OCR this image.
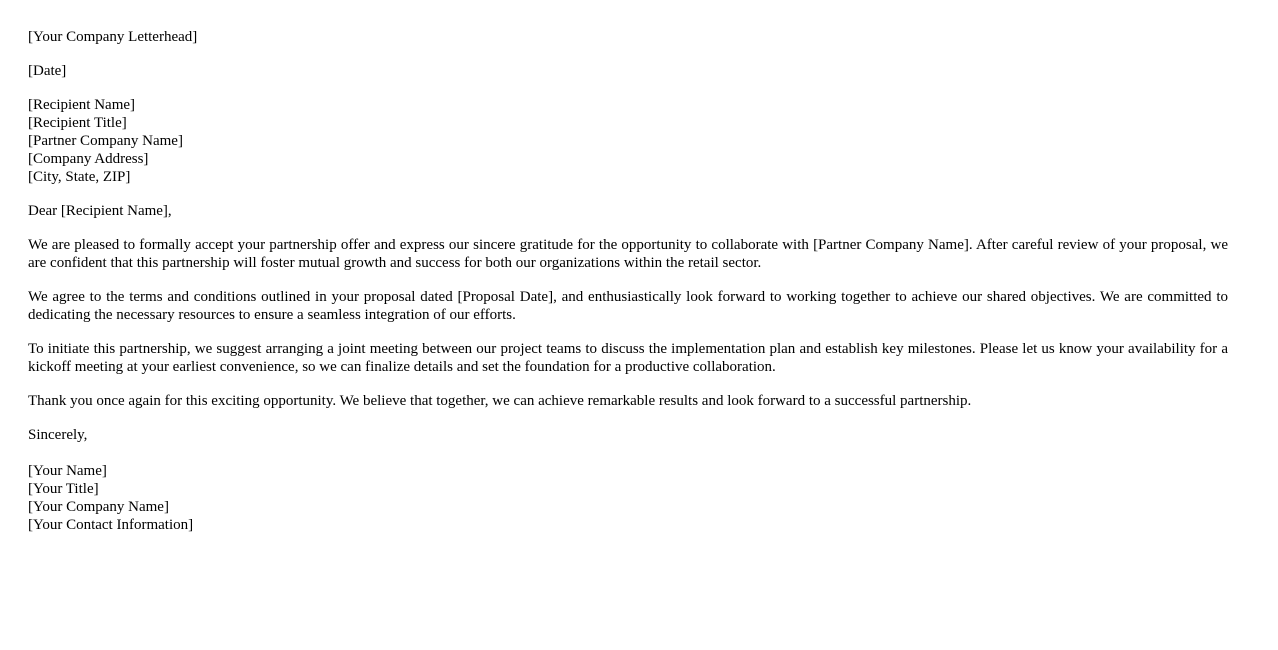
[Your Company Letterhead]
[Date]
[Recipient Name]
[Recipient Title]
[Partner Company Name]
[Company Address]
[City, State, ZIP]
Dear [Recipient Name],

We are pleased to formally accept your partnership offer and express our sincere gratitude for the opportunity to collaborate with [Partner Company Name]. After careful review of your proposal, we are confident that this partnership will foster mutual growth and success for both our organizations within the retail sector.

We agree to the terms and conditions outlined in your proposal dated [Proposal Date], and enthusiastically look forward to working together to achieve our shared objectives. We are committed to dedicating the necessary resources to ensure a seamless integration of our efforts.

To initiate this partnership, we suggest arranging a joint meeting between our project teams to discuss the implementation plan and establish key milestones. Please let us know your availability for a kickoff meeting at your earliest convenience, so we can finalize details and set the foundation for a productive collaboration.

Thank you once again for this exciting opportunity. We believe that together, we can achieve remarkable results and look forward to a successful partnership.

Sincerely,
[Your Name]
[Your Title]
[Your Company Name]
[Your Contact Information]
